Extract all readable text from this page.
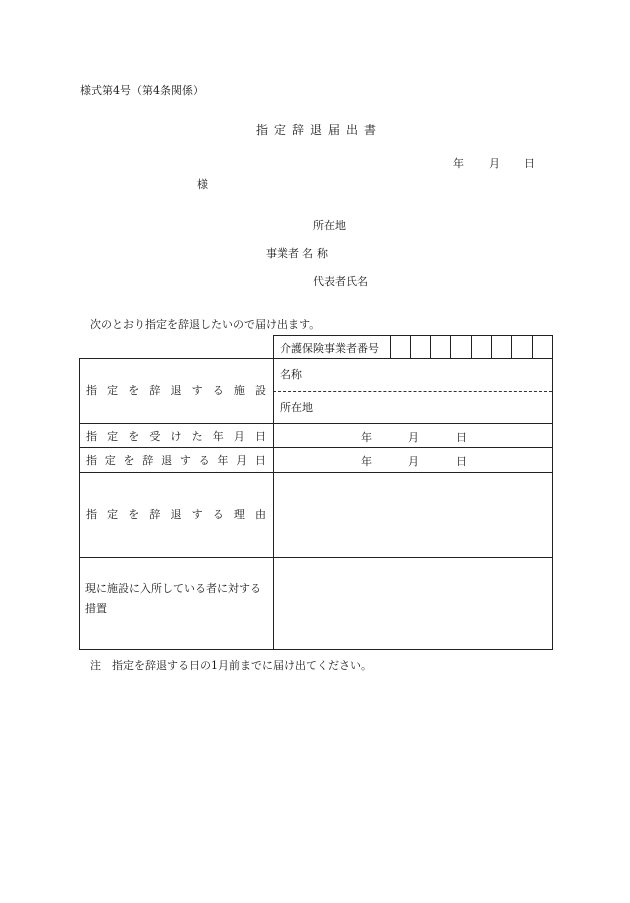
様式第4号（第4条関係）
指定辞退届出書
年 月 日
様
所在地
事業者 名称
代表者氏名
次のとおり指定を辞退したいので届け出ます。
介護保険事業者番号
指 定 を 辞 退 す る 施 設
名称
所在地
指 定 を 受 け た 年 月 日	年	月	日
指 定 を 辞 退 す る 年 月 日	年	月	日
指 定 を 辞 退 す る 理 由
現に施設に入所している者に対する措置
注　指定を辞退する日の1月前までに届け出てください。
